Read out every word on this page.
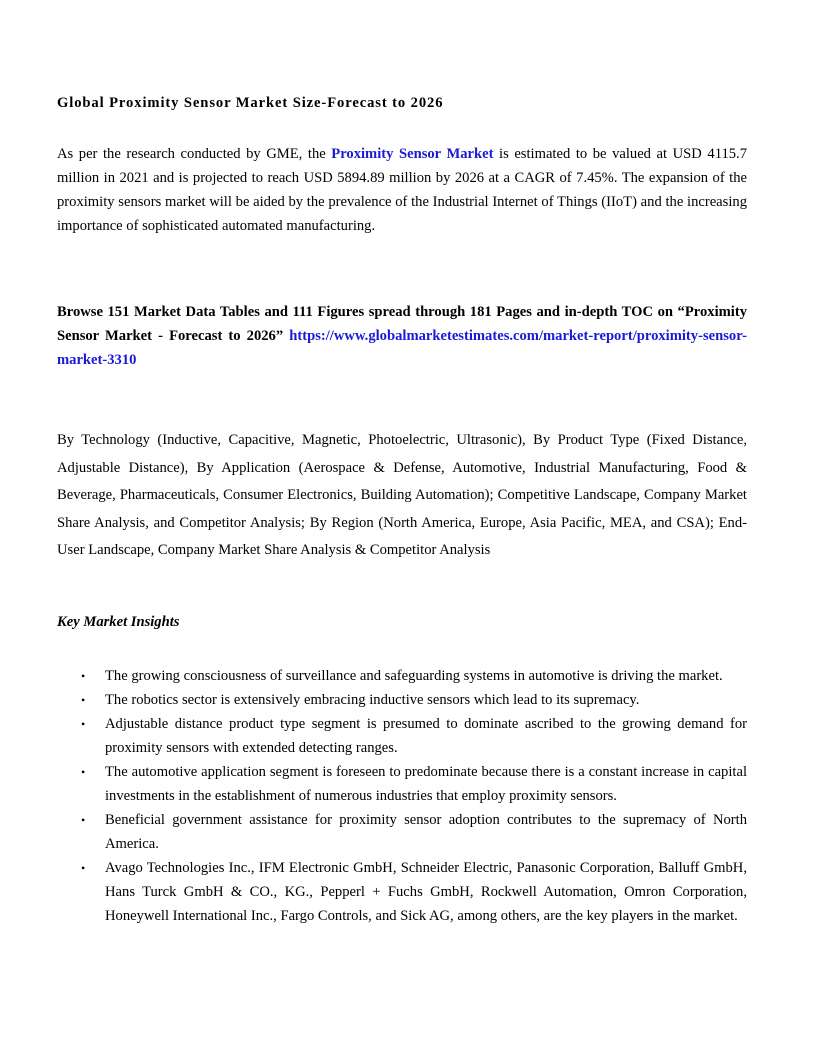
Global Proximity Sensor Market Size-Forecast to 2026

As per the research conducted by GME, the Proximity Sensor Market is estimated to be valued at USD 4115.7 million in 2021 and is projected to reach USD 5894.89 million by 2026 at a CAGR of 7.45%. The expansion of the proximity sensors market will be aided by the prevalence of the Industrial Internet of Things (IIoT) and the increasing importance of sophisticated automated manufacturing.

Browse 151 Market Data Tables and 111 Figures spread through 181 Pages and in-depth TOC on “Proximity Sensor Market - Forecast to 2026” https://www.globalmarketestimates.com/market-report/proximity-sensor-market-3310

By Technology (Inductive, Capacitive, Magnetic, Photoelectric, Ultrasonic), By Product Type (Fixed Distance, Adjustable Distance), By Application (Aerospace & Defense, Automotive, Industrial Manufacturing, Food & Beverage, Pharmaceuticals, Consumer Electronics, Building Automation); Competitive Landscape, Company Market Share Analysis, and Competitor Analysis; By Region (North America, Europe, Asia Pacific, MEA, and CSA); End-User Landscape, Company Market Share Analysis & Competitor Analysis

Key Market Insights
• The growing consciousness of surveillance and safeguarding systems in automotive is driving the market.
• The robotics sector is extensively embracing inductive sensors which lead to its supremacy.
• Adjustable distance product type segment is presumed to dominate ascribed to the growing demand for proximity sensors with extended detecting ranges.
• The automotive application segment is foreseen to predominate because there is a constant increase in capital investments in the establishment of numerous industries that employ proximity sensors.
• Beneficial government assistance for proximity sensor adoption contributes to the supremacy of North America.
• Avago Technologies Inc., IFM Electronic GmbH, Schneider Electric, Panasonic Corporation, Balluff GmbH, Hans Turck GmbH & CO., KG., Pepperl + Fuchs GmbH, Rockwell Automation, Omron Corporation, Honeywell International Inc., Fargo Controls, and Sick AG, among others, are the key players in the market.
